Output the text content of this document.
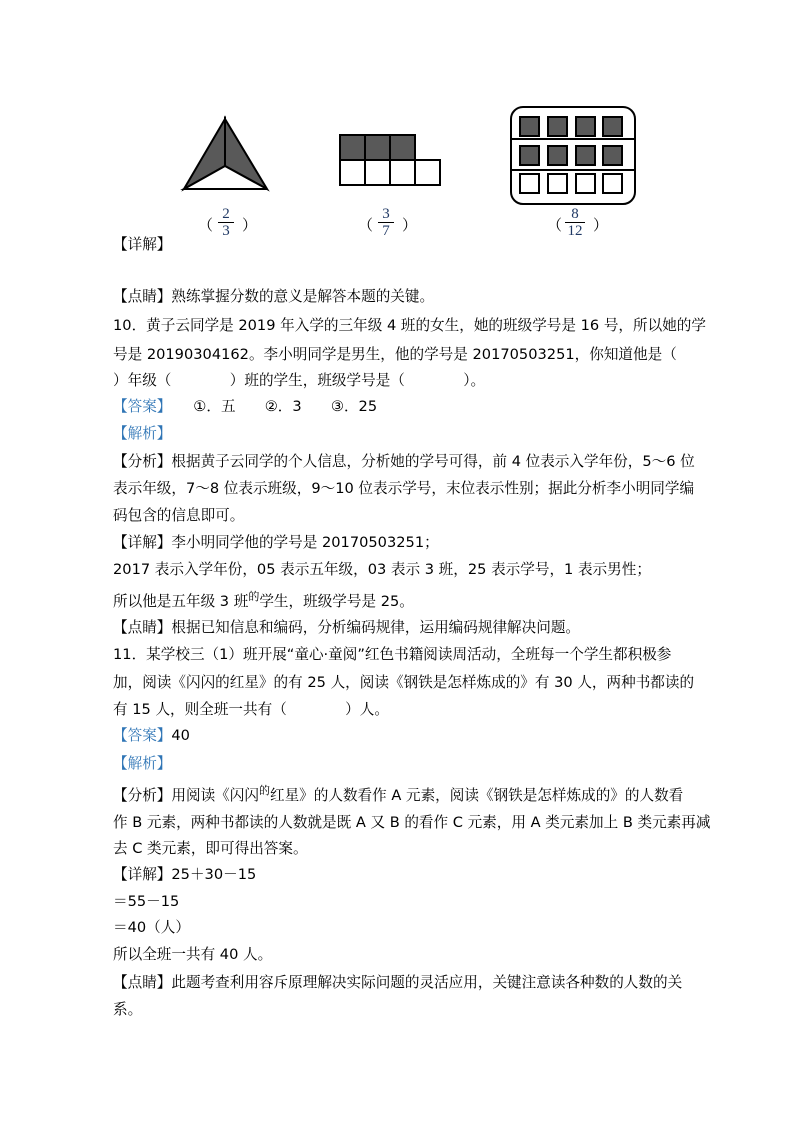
（ $\frac{2}{3}$ ）	（ $\frac{3}{7}$ ）	（ $\frac{8}{12}$ ）
【详解】
【点睛】熟练掌握分数的意义是解答本题的关键。
10．黄子云同学是 2019 年入学的三年级 4 班的女生，她的班级学号是 16 号，所以她的学
号是 20190304162。李小明同学是男生，他的学号是 20170503251，你知道他是（
）年级（　　　　）班的学生，班级学号是（　　　　）。
【答案】　　①．五　　②．3　　③．25
【解析】
【分析】根据黄子云同学的个人信息，分析她的学号可得，前 4 位表示入学年份，5～6 位
表示年级，7～8 位表示班级，9～10 位表示学号，末位表示性别；据此分析李小明同学编
码包含的信息即可。
【详解】李小明同学他的学号是 20170503251；
2017 表示入学年份，05 表示五年级，03 表示 3 班，25 表示学号，1 表示男性；
所以他是五年级 3 班$^的$学生，班级学号是 25。
【点睛】根据已知信息和编码，分析编码规律，运用编码规律解决问题。
11．某学校三（1）班开展“童心·童阅”红色书籍阅读周活动，全班每一个学生都积极参
加，阅读《闪闪的红星》的有 25 人，阅读《钢铁是怎样炼成的》有 30 人，两种书都读的
有 15 人，则全班一共有（　　　　）人。
【答案】40
【解析】
【分析】用阅读《闪闪$^的$红星》的人数看作 A 元素，阅读《钢铁是怎样炼成的》的人数看
作 B 元素，两种书都读的人数就是既 A 又 B 的看作 C 元素，用 A 类元素加上 B 类元素再减
去 C 类元素，即可得出答案。
【详解】25＋30－15
＝55－15
＝40（人）
所以全班一共有 40 人。
【点睛】此题考查利用容斥原理解决实际问题的灵活应用，关键注意读各种数的人数的关
系。
